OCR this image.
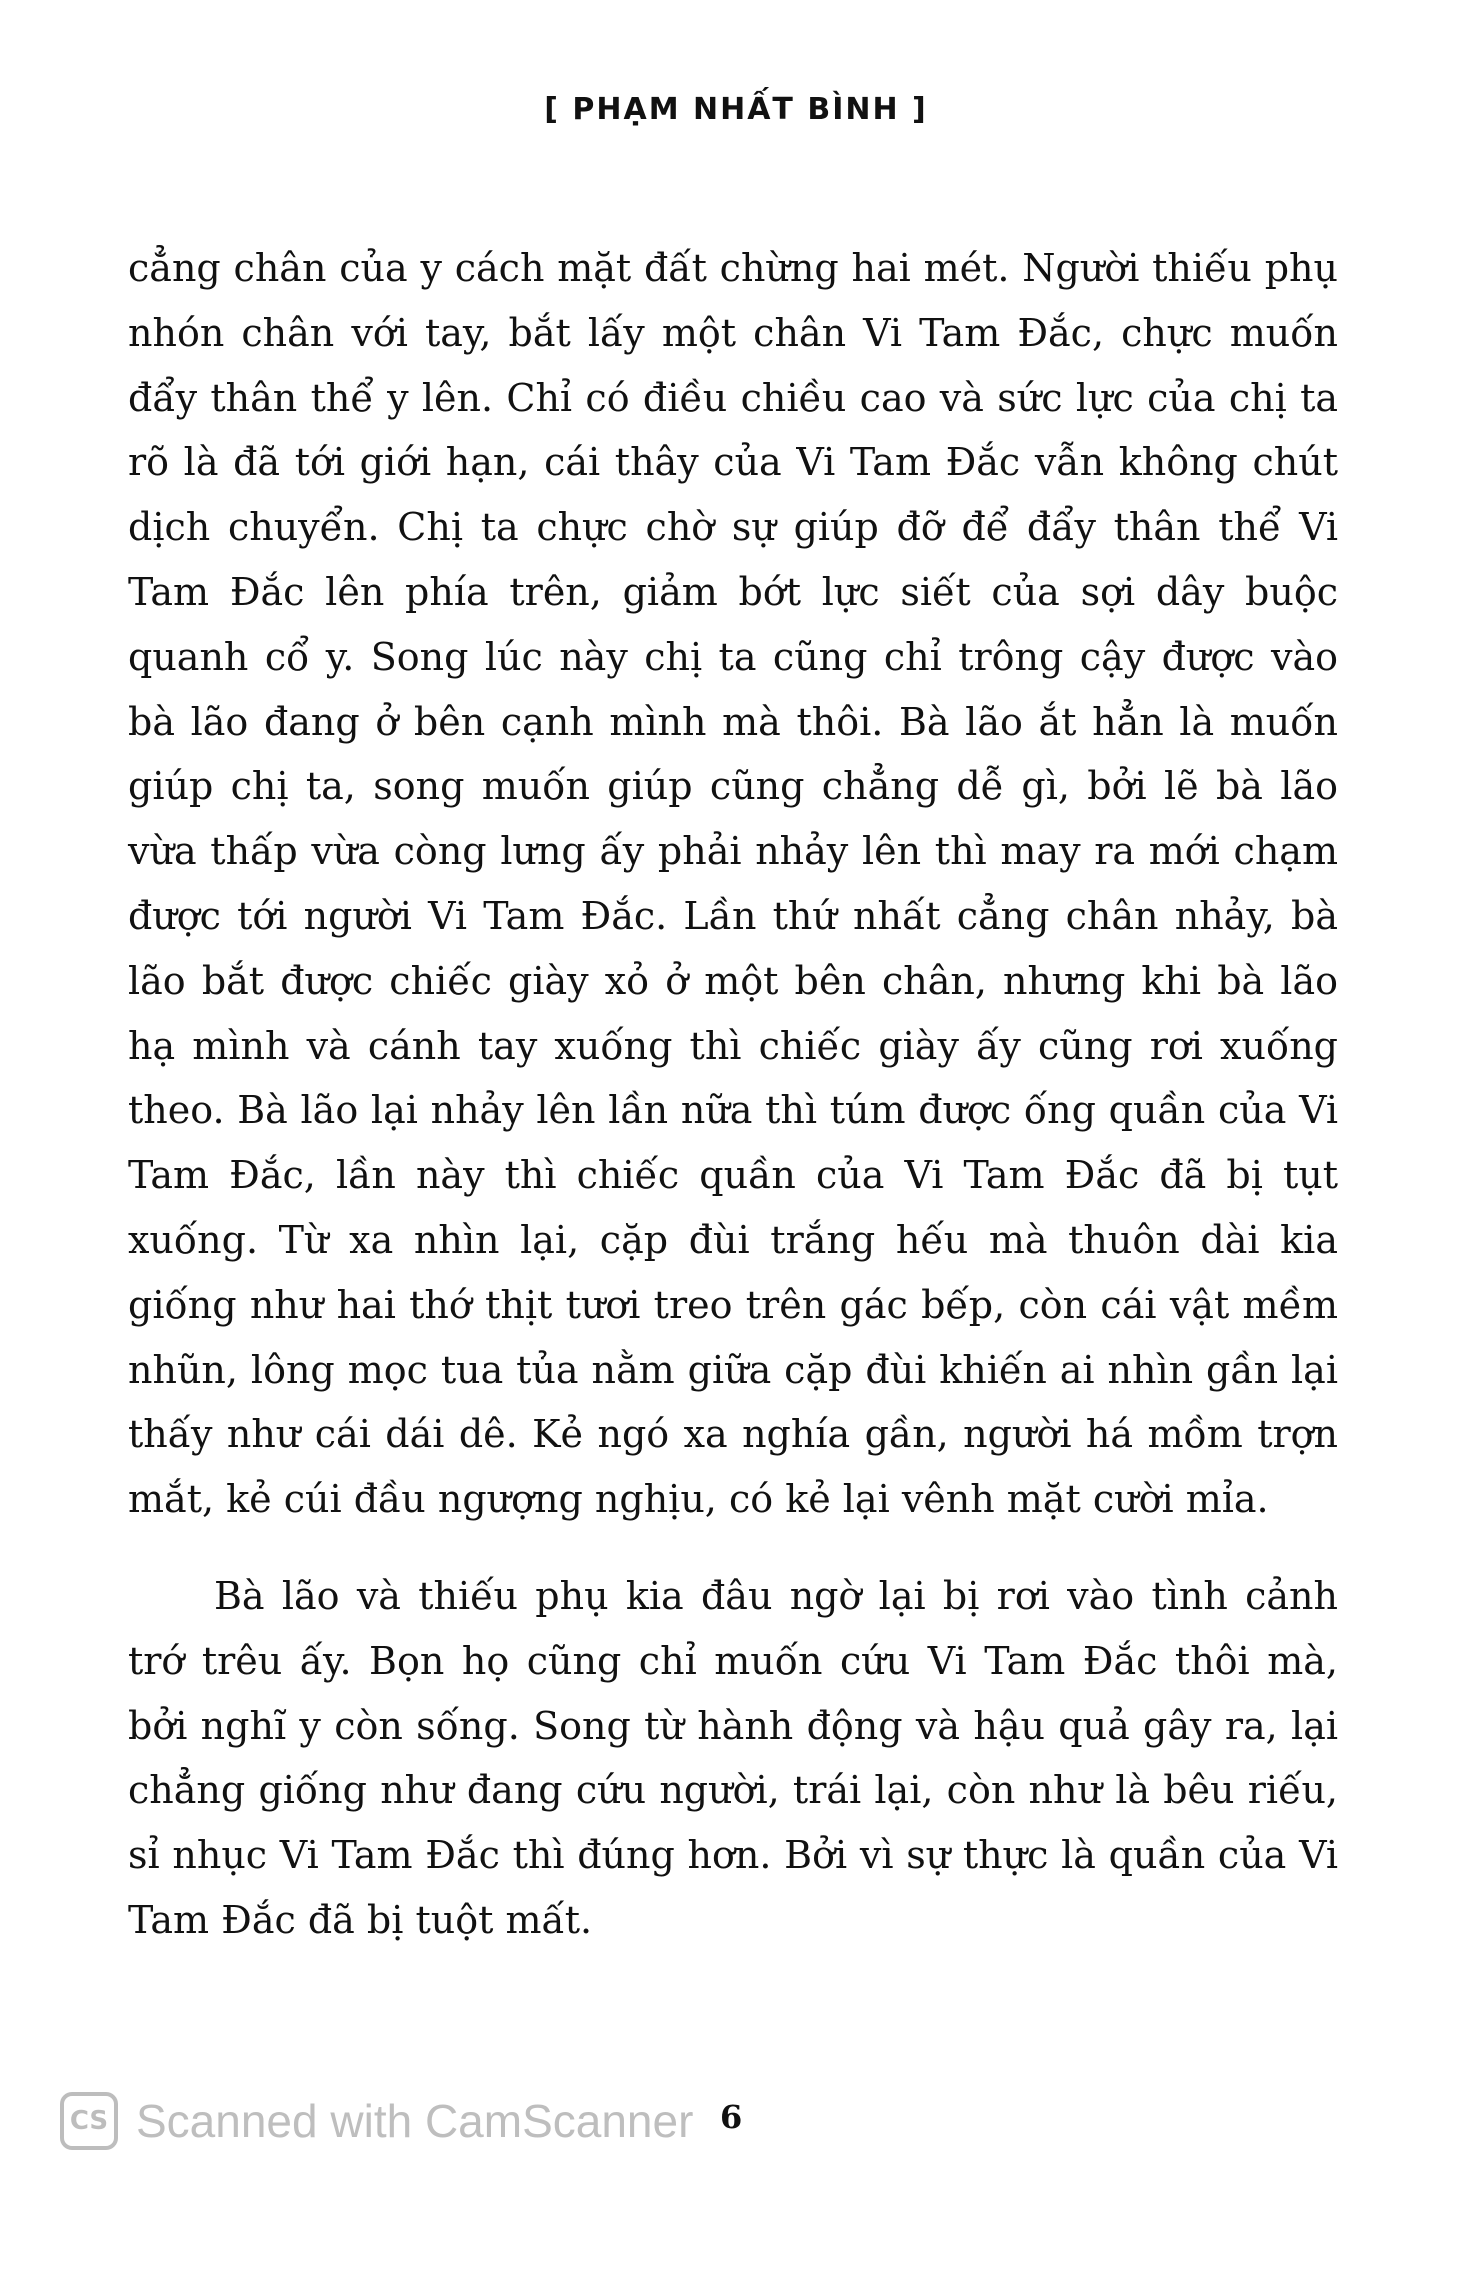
[ PHẠM NHẤT BÌNH ]

cẳng chân của y cách mặt đất chừng hai mét. Người thiếu phụ nhón chân với tay, bắt lấy một chân Vi Tam Đắc, chực muốn đẩy thân thể y lên. Chỉ có điều chiều cao và sức lực của chị ta rõ là đã tới giới hạn, cái thây của Vi Tam Đắc vẫn không chút dịch chuyển. Chị ta chực chờ sự giúp đỡ để đẩy thân thể Vi Tam Đắc lên phía trên, giảm bớt lực siết của sợi dây buộc quanh cổ y. Song lúc này chị ta cũng chỉ trông cậy được vào bà lão đang ở bên cạnh mình mà thôi. Bà lão ắt hẳn là muốn giúp chị ta, song muốn giúp cũng chẳng dễ gì, bởi lẽ bà lão vừa thấp vừa còng lưng ấy phải nhảy lên thì may ra mới chạm được tới người Vi Tam Đắc. Lần thứ nhất cẳng chân nhảy, bà lão bắt được chiếc giày xỏ ở một bên chân, nhưng khi bà lão hạ mình và cánh tay xuống thì chiếc giày ấy cũng rơi xuống theo. Bà lão lại nhảy lên lần nữa thì túm được ống quần của Vi Tam Đắc, lần này thì chiếc quần của Vi Tam Đắc đã bị tụt xuống. Từ xa nhìn lại, cặp đùi trắng hếu mà thuôn dài kia giống như hai thớ thịt tươi treo trên gác bếp, còn cái vật mềm nhũn, lông mọc tua tủa nằm giữa cặp đùi khiến ai nhìn gần lại thấy như cái dái dê. Kẻ ngó xa nghía gần, người há mồm trợn mắt, kẻ cúi đầu ngượng nghịu, có kẻ lại vênh mặt cười mỉa.

Bà lão và thiếu phụ kia đâu ngờ lại bị rơi vào tình cảnh trớ trêu ấy. Bọn họ cũng chỉ muốn cứu Vi Tam Đắc thôi mà, bởi nghĩ y còn sống. Song từ hành động và hậu quả gây ra, lại chẳng giống như đang cứu người, trái lại, còn như là bêu riếu, sỉ nhục Vi Tam Đắc thì đúng hơn. Bởi vì sự thực là quần của Vi Tam Đắc đã bị tuột mất.

CS Scanned with CamScanner 6
